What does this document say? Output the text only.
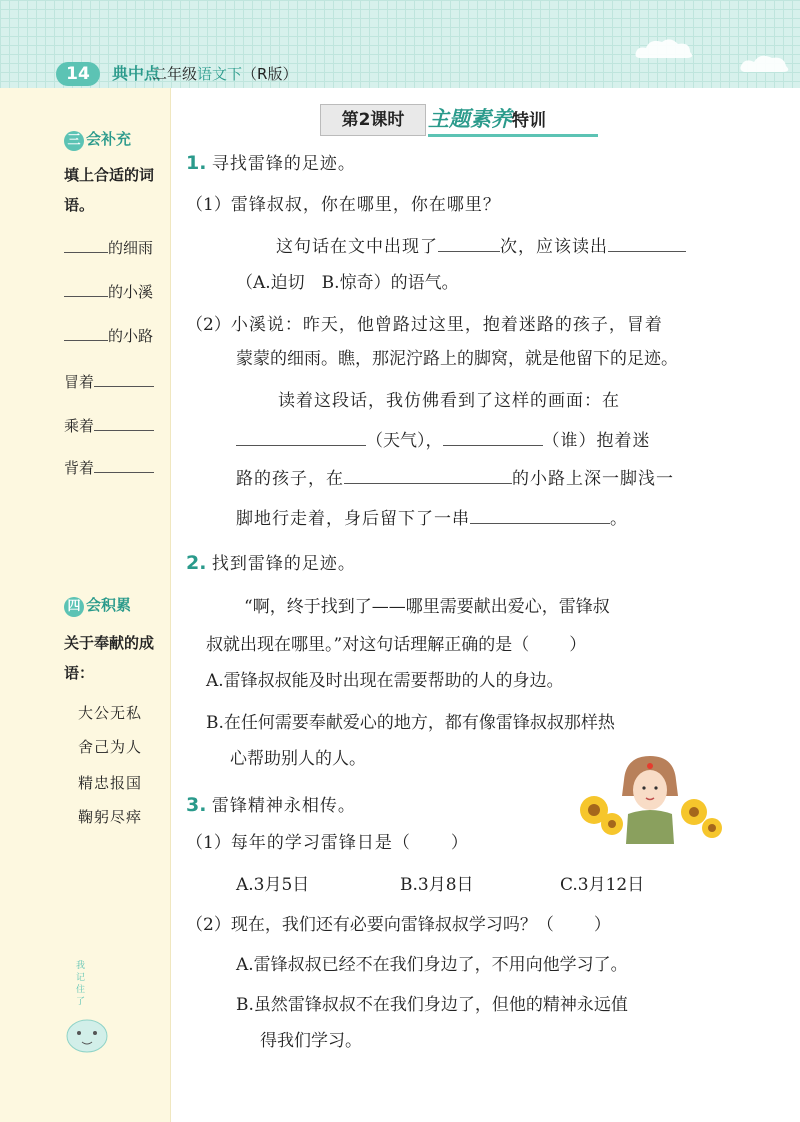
14	典中点
二年级语文下（R版）
三 会补充
填上合适的词语。
的细雨
的小溪
的小路
冒着
乘着
背着
四 会积累
关于奉献的成语：
大公无私
舍己为人
精忠报国
鞠躬尽瘁
我
记
住
了
第2课时	主题素养特训
1. 寻找雷锋的足迹。
（1）雷锋叔叔，你在哪里，你在哪里？
这句话在文中出现了	次，应该读出
（A.迫切　B.惊奇）的语气。
（2）小溪说：昨天，他曾路过这里，抱着迷路的孩子，冒着
蒙蒙的细雨。瞧，那泥泞路上的脚窝，就是他留下的足迹。
读着这段话，我仿佛看到了这样的画面：在
（天气），	（谁）抱着迷
路的孩子，在	的小路上深一脚浅一
脚地行走着，身后留下了一串	。
2. 找到雷锋的足迹。
“啊，终于找到了——哪里需要献出爱心，雷锋叔
叔就出现在哪里。”对这句话理解正确的是（ ）
A.雷锋叔叔能及时出现在需要帮助的人的身边。
B.在任何需要奉献爱心的地方，都有像雷锋叔叔那样热
心帮助别人的人。
3. 雷锋精神永相传。
（1）每年的学习雷锋日是（ ）
A.3月5日	B.3月8日	C.3月12日
（2）现在，我们还有必要向雷锋叔叔学习吗？（ ）
A.雷锋叔叔已经不在我们身边了，不用向他学习了。
B.虽然雷锋叔叔不在我们身边了，但他的精神永远值
得我们学习。
